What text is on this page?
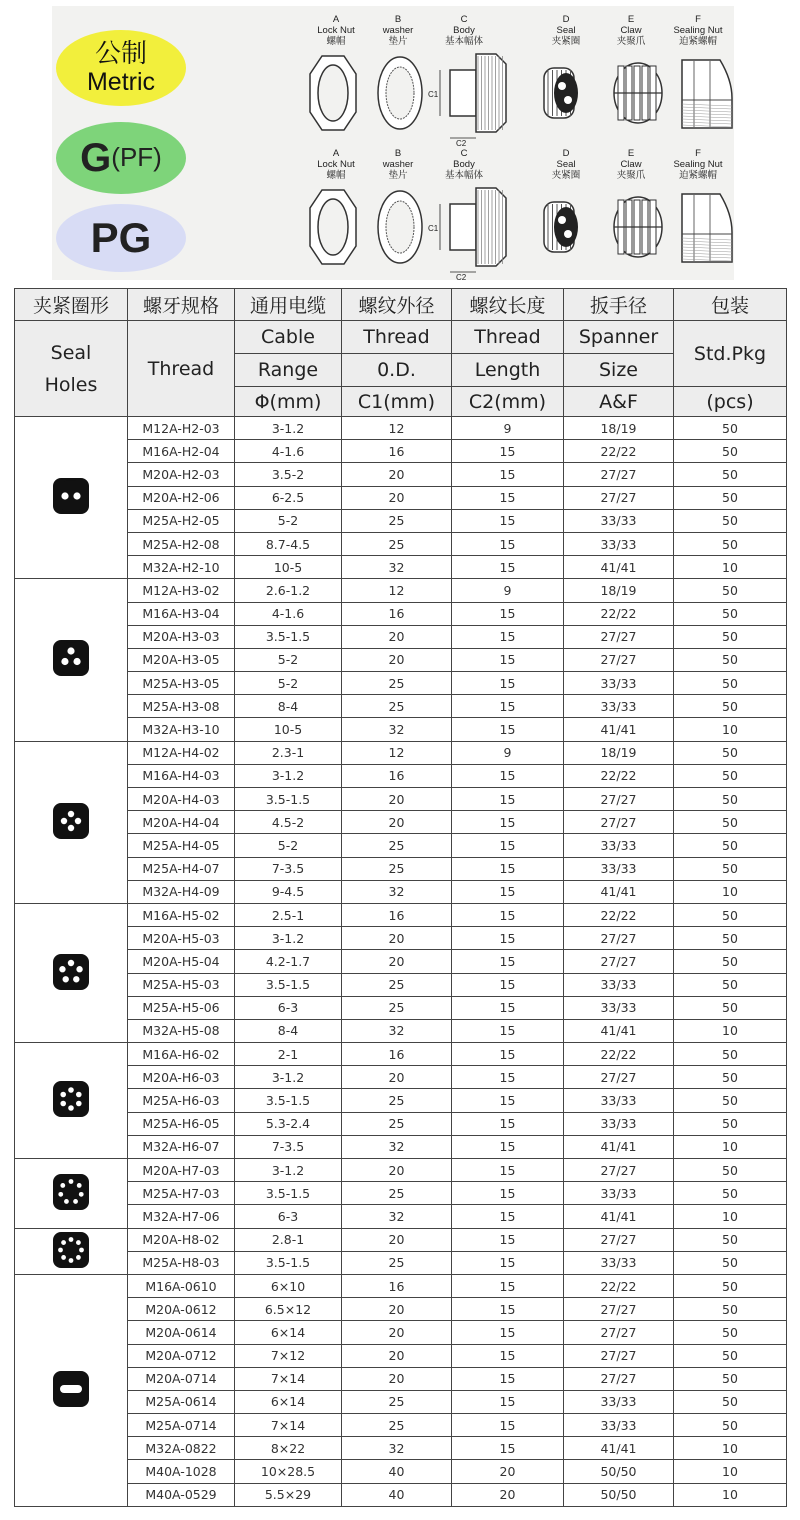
公制
Metric
G (PF)
PG
A
Lock Nut
螺帽
B
washer
垫片
C
Body
基本幅体
D
Seal
夹紧圈
E
Claw
夹聚爪
F
Sealing Nut
迫紧螺帽
C1
C2
A
Lock Nut
螺帽
B
washer
垫片
C
Body
基本幅体
D
Seal
夹紧圈
E
Claw
夹聚爪
F
Sealing Nut
迫紧螺帽
C1
C2
夹紧圈形	螺牙规格	通用电缆	螺纹外径	螺纹长度	扳手径	包装
Seal Holes	Thread	Cable	Thread	Thread	Spanner	Std.Pkg
		Range	0.D.	Length	Size	
		Φ(mm)	C1(mm)	C2(mm)	A&F	(pcs)
	M12A-H2-03	3-1.2	12	9	18/19	50
	M16A-H2-04	4-1.6	16	15	22/22	50
	M20A-H2-03	3.5-2	20	15	27/27	50
	M20A-H2-06	6-2.5	20	15	27/27	50
	M25A-H2-05	5-2	25	15	33/33	50
	M25A-H2-08	8.7-4.5	25	15	33/33	50
	M32A-H2-10	10-5	32	15	41/41	10
	M12A-H3-02	2.6-1.2	12	9	18/19	50
	M16A-H3-04	4-1.6	16	15	22/22	50
	M20A-H3-03	3.5-1.5	20	15	27/27	50
	M20A-H3-05	5-2	20	15	27/27	50
	M25A-H3-05	5-2	25	15	33/33	50
	M25A-H3-08	8-4	25	15	33/33	50
	M32A-H3-10	10-5	32	15	41/41	10
	M12A-H4-02	2.3-1	12	9	18/19	50
	M16A-H4-03	3-1.2	16	15	22/22	50
	M20A-H4-03	3.5-1.5	20	15	27/27	50
	M20A-H4-04	4.5-2	20	15	27/27	50
	M25A-H4-05	5-2	25	15	33/33	50
	M25A-H4-07	7-3.5	25	15	33/33	50
	M32A-H4-09	9-4.5	32	15	41/41	10
	M16A-H5-02	2.5-1	16	15	22/22	50
	M20A-H5-03	3-1.2	20	15	27/27	50
	M20A-H5-04	4.2-1.7	20	15	27/27	50
	M25A-H5-03	3.5-1.5	25	15	33/33	50
	M25A-H5-06	6-3	25	15	33/33	50
	M32A-H5-08	8-4	32	15	41/41	10
	M16A-H6-02	2-1	16	15	22/22	50
	M20A-H6-03	3-1.2	20	15	27/27	50
	M25A-H6-03	3.5-1.5	25	15	33/33	50
	M25A-H6-05	5.3-2.4	25	15	33/33	50
	M32A-H6-07	7-3.5	32	15	41/41	10
	M20A-H7-03	3-1.2	20	15	27/27	50
	M25A-H7-03	3.5-1.5	25	15	33/33	50
	M32A-H7-06	6-3	32	15	41/41	10
	M20A-H8-02	2.8-1	20	15	27/27	50
	M25A-H8-03	3.5-1.5	25	15	33/33	50
	M16A-0610	6×10	16	15	22/22	50
	M20A-0612	6.5×12	20	15	27/27	50
	M20A-0614	6×14	20	15	27/27	50
	M20A-0712	7×12	20	15	27/27	50
	M20A-0714	7×14	20	15	27/27	50
	M25A-0614	6×14	25	15	33/33	50
	M25A-0714	7×14	25	15	33/33	50
	M32A-0822	8×22	32	15	41/41	10
	M40A-1028	10×28.5	40	20	50/50	10
	M40A-0529	5.5×29	40	20	50/50	10
